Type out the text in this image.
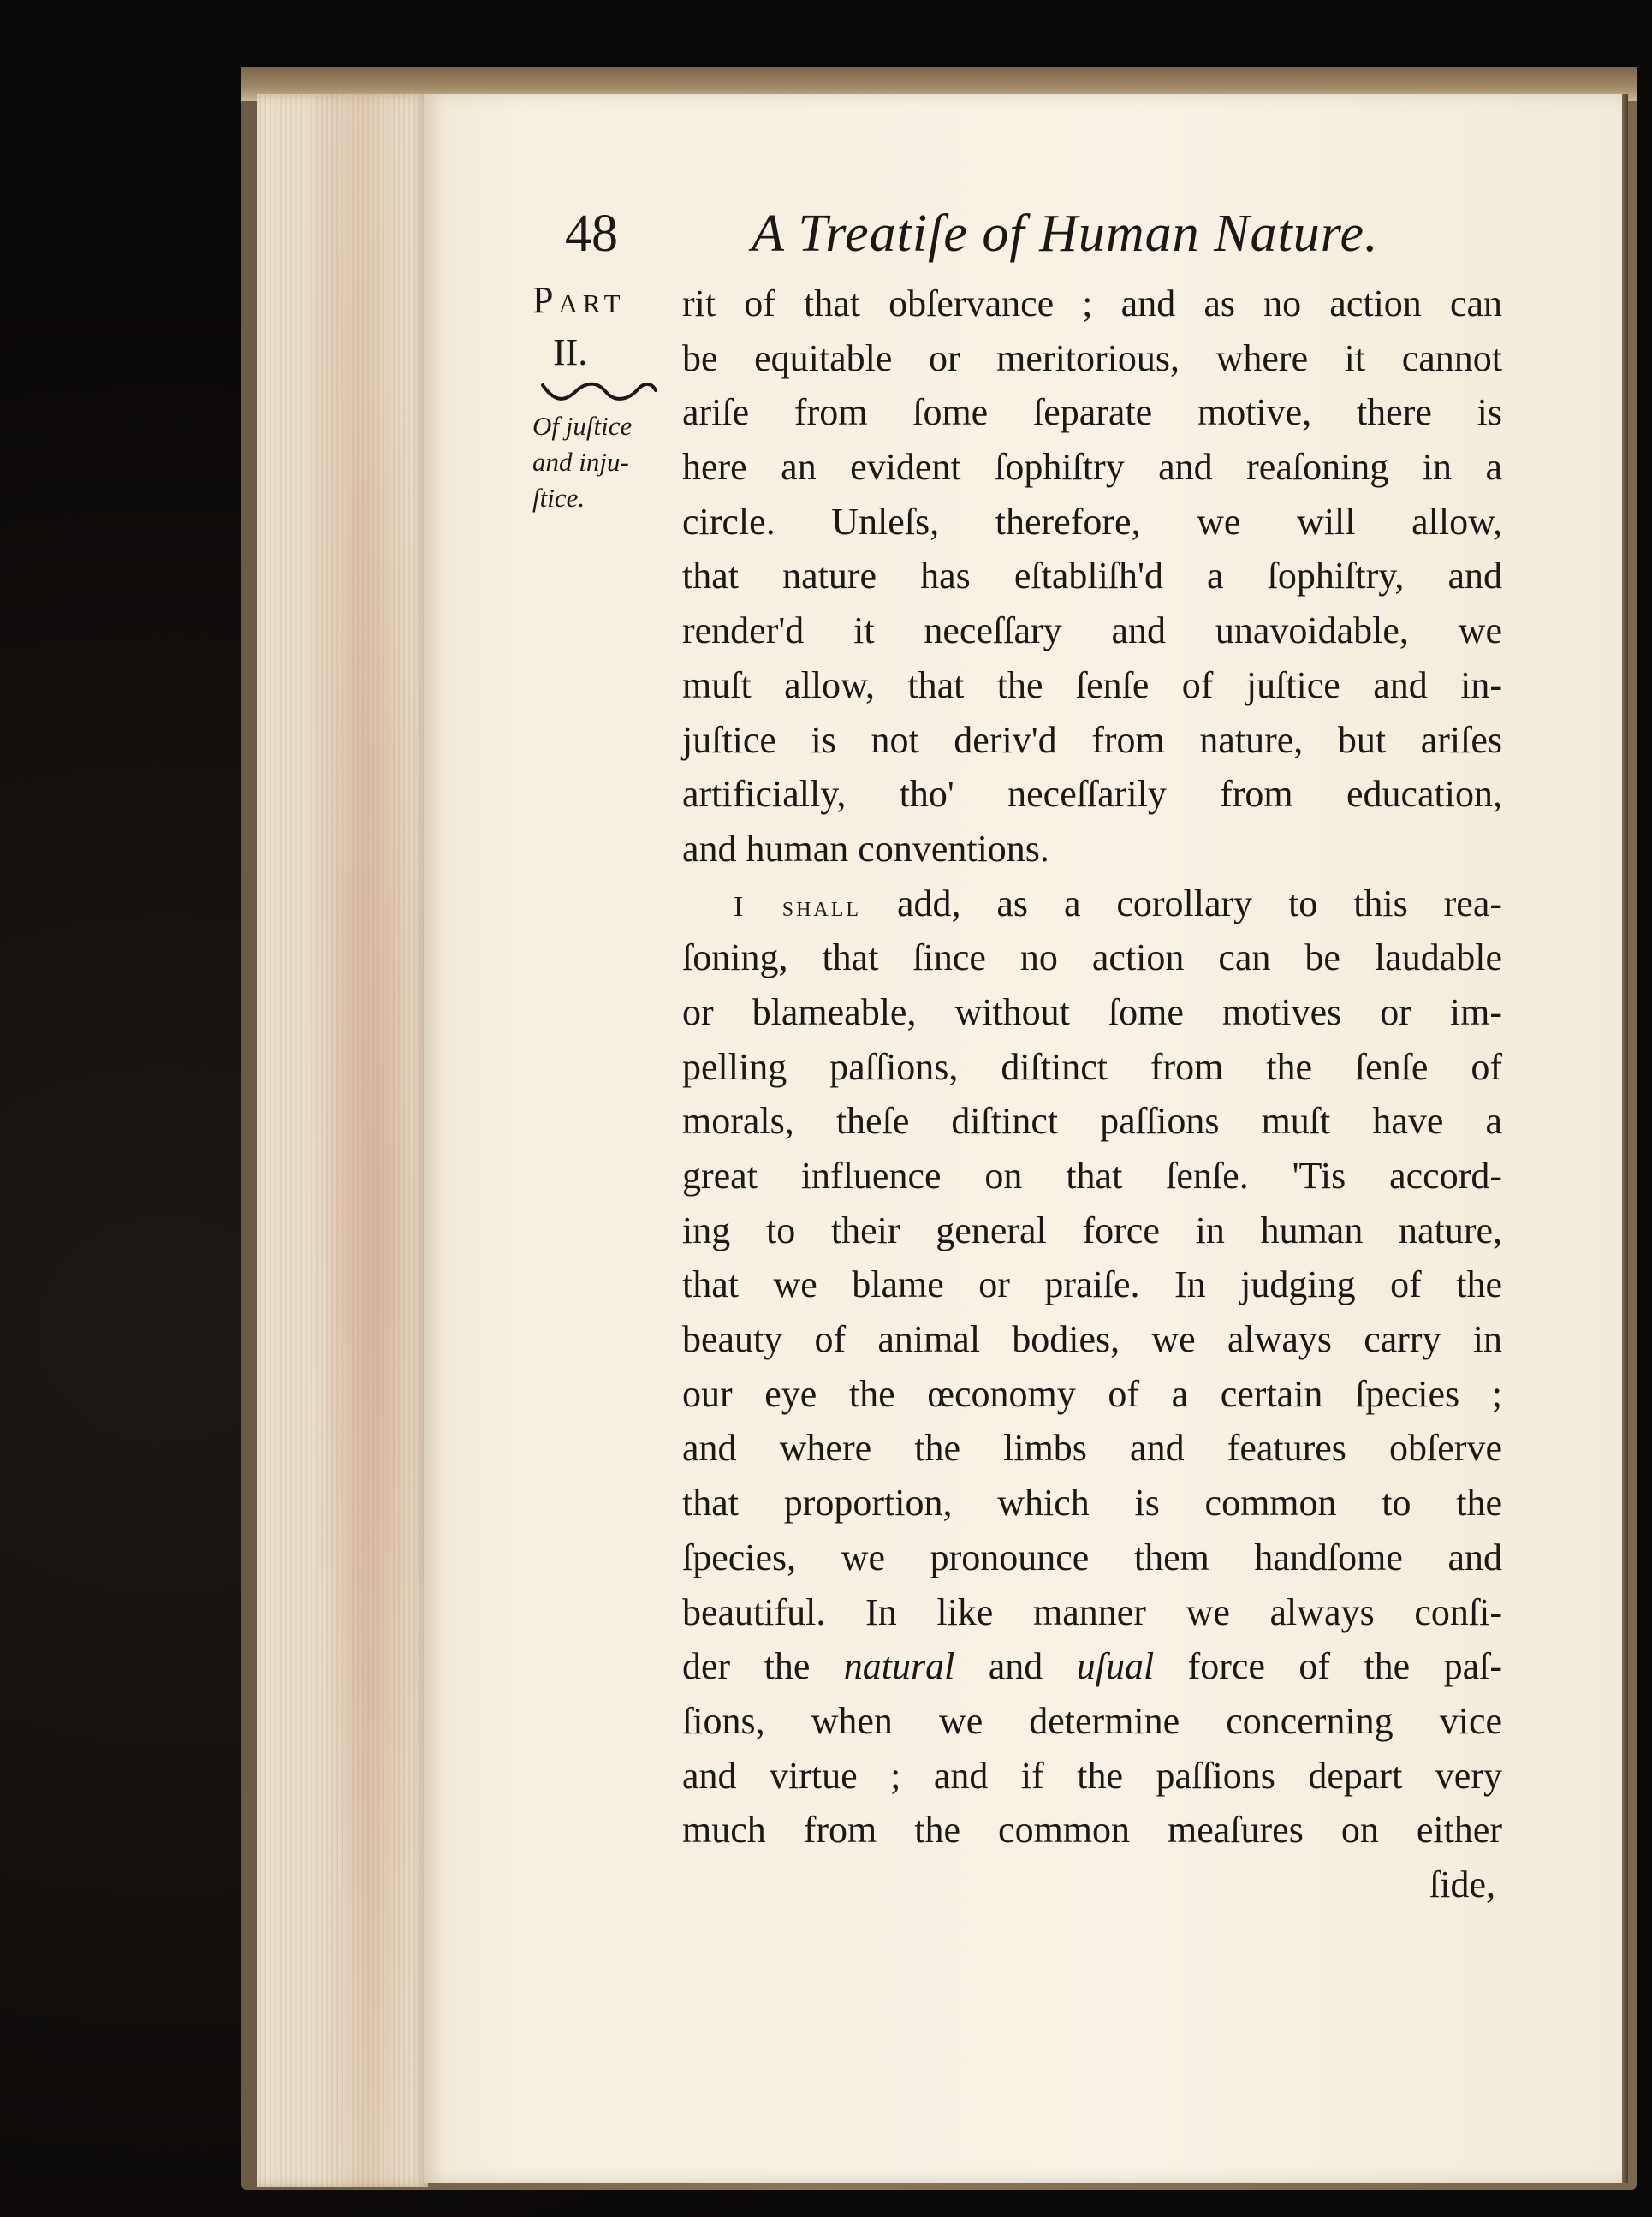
48	A Treatiſe of Human Nature.
Part
II.
Of juſtice
and inju-
ſtice.
rit of that obſervance ; and as no action can
be equitable or meritorious, where it cannot
ariſe from ſome ſeparate motive, there is
here an evident ſophiſtry and reaſoning in a
circle. Unleſs, therefore, we will allow,
that nature has eſtabliſh'd a ſophiſtry, and
render'd it neceſſary and unavoidable, we
muſt allow, that the ſenſe of juſtice and in-
juſtice is not deriv'd from nature, but ariſes
artificially, tho' neceſſarily from education,
and human conventions.
I shall add, as a corollary to this rea-
ſoning, that ſince no action can be laudable
or blameable, without ſome motives or im-
pelling paſſions, diſtinct from the ſenſe of
morals, theſe diſtinct paſſions muſt have a
great influence on that ſenſe. 'Tis accord-
ing to their general force in human nature,
that we blame or praiſe. In judging of the
beauty of animal bodies, we always carry in
our eye the œconomy of a certain ſpecies ;
and where the limbs and features obſerve
that proportion, which is common to the
ſpecies, we pronounce them handſome and
beautiful. In like manner we always conſi-
der the natural and uſual force of the paſ-
ſions, when we determine concerning vice
and virtue ; and if the paſſions depart very
much from the common meaſures on either
ſide,
